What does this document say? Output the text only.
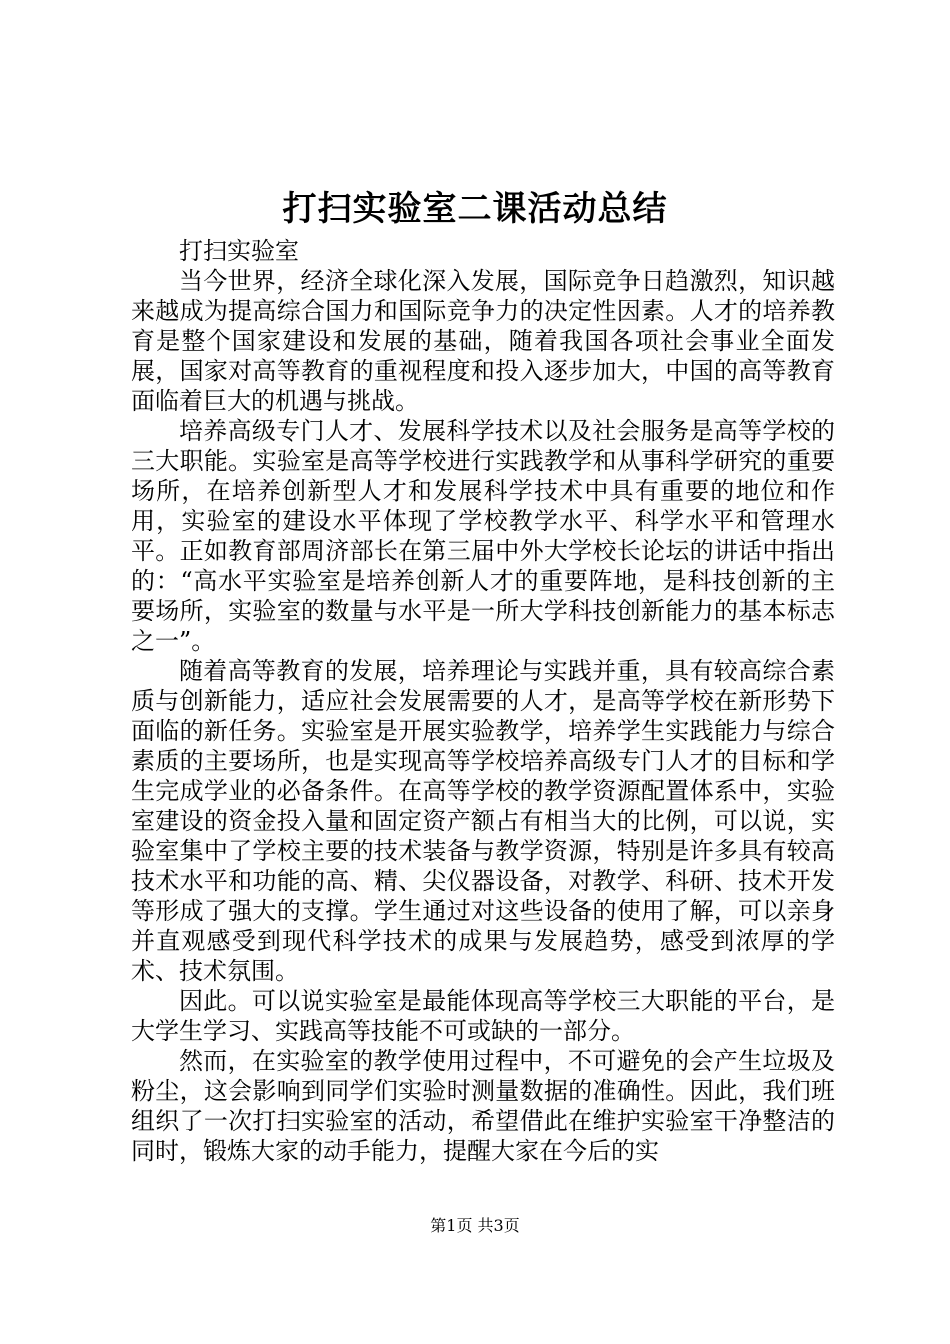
打扫实验室二课活动总结

打扫实验室

当今世界，经济全球化深入发展，国际竞争日趋激烈，知识越来越成为提高综合国力和国际竞争力的决定性因素。人才的培养教育是整个国家建设和发展的基础，随着我国各项社会事业全面发展，国家对高等教育的重视程度和投入逐步加大，中国的高等教育面临着巨大的机遇与挑战。

培养高级专门人才、发展科学技术以及社会服务是高等学校的三大职能。实验室是高等学校进行实践教学和从事科学研究的重要场所，在培养创新型人才和发展科学技术中具有重要的地位和作用，实验室的建设水平体现了学校教学水平、科学水平和管理水平。正如教育部周济部长在第三届中外大学校长论坛的讲话中指出的：“高水平实验室是培养创新人才的重要阵地，是科技创新的主要场所，实验室的数量与水平是一所大学科技创新能力的基本标志之一”。

随着高等教育的发展，培养理论与实践并重，具有较高综合素质与创新能力，适应社会发展需要的人才，是高等学校在新形势下面临的新任务。实验室是开展实验教学，培养学生实践能力与综合素质的主要场所，也是实现高等学校培养高级专门人才的目标和学生完成学业的必备条件。在高等学校的教学资源配置体系中，实验室建设的资金投入量和固定资产额占有相当大的比例，可以说，实验室集中了学校主要的技术装备与教学资源，特别是许多具有较高技术水平和功能的高、精、尖仪器设备，对教学、科研、技术开发等形成了强大的支撑。学生通过对这些设备的使用了解，可以亲身并直观感受到现代科学技术的成果与发展趋势，感受到浓厚的学术、技术氛围。

因此。可以说实验室是最能体现高等学校三大职能的平台，是大学生学习、实践高等技能不可或缺的一部分。

然而，在实验室的教学使用过程中，不可避免的会产生垃圾及粉尘，这会影响到同学们实验时测量数据的准确性。因此，我们班组织了一次打扫实验室的活动，希望借此在维护实验室干净整洁的同时，锻炼大家的动手能力，提醒大家在今后的实

第1页 共3页
